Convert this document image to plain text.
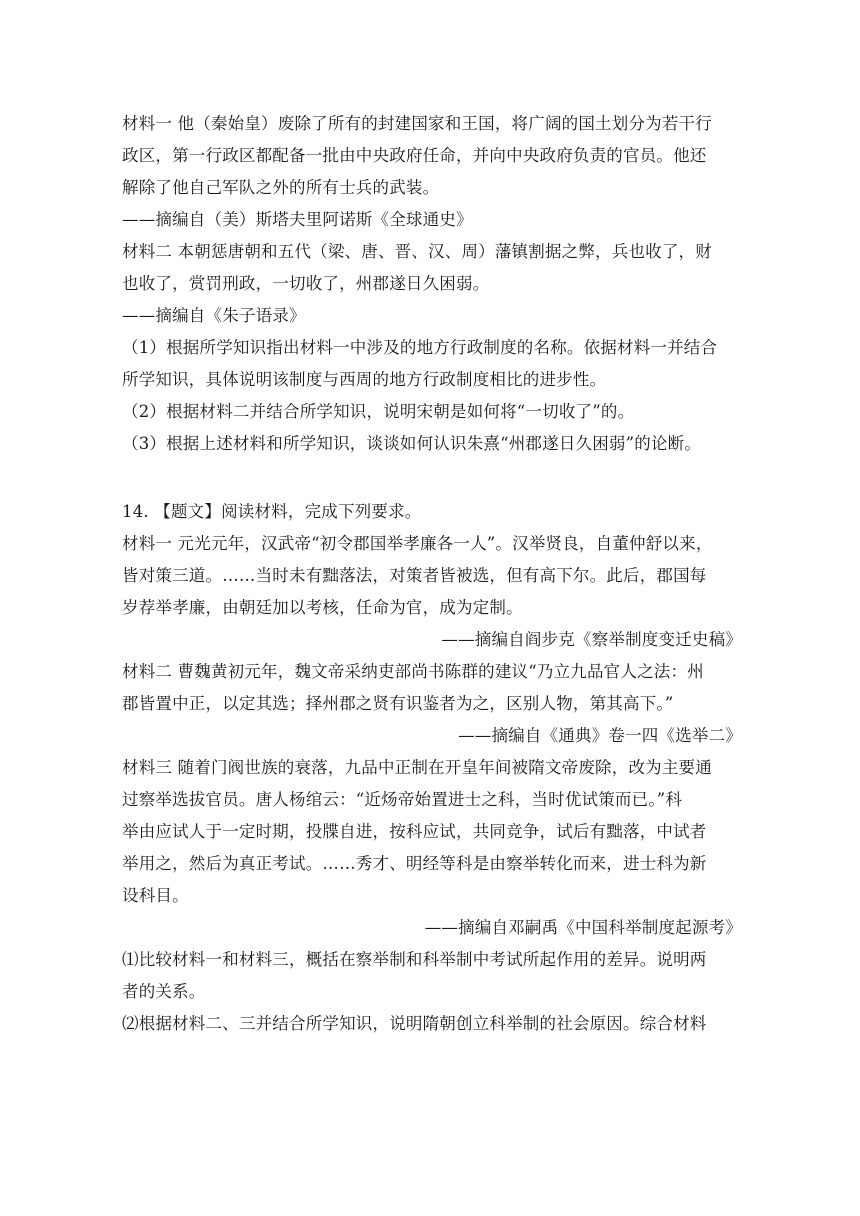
材料一 他（秦始皇）废除了所有的封建国家和王国，将广阔的国土划分为若干行
政区，第一行政区都配备一批由中央政府任命，并向中央政府负责的官员。他还
解除了他自己军队之外的所有士兵的武装。
——摘编自（美）斯塔夫里阿诺斯《全球通史》
材料二 本朝惩唐朝和五代（梁、唐、晋、汉、周）藩镇割据之弊，兵也收了，财
也收了，赏罚刑政，一切收了，州郡遂日久困弱。
——摘编自《朱子语录》
（1）根据所学知识指出材料一中涉及的地方行政制度的名称。依据材料一并结合
所学知识，具体说明该制度与西周的地方行政制度相比的进步性。
（2）根据材料二并结合所学知识，说明宋朝是如何将“一切收了”的。
（3）根据上述材料和所学知识，谈谈如何认识朱熹“州郡遂日久困弱”的论断。
14. 【题文】阅读材料，完成下列要求。
材料一 元光元年，汉武帝“初令郡国举孝廉各一人”。汉举贤良，自董仲舒以来，
皆对策三道。……当时未有黜落法，对策者皆被选，但有高下尔。此后，郡国每
岁荐举孝廉，由朝廷加以考核，任命为官，成为定制。
——摘编自阎步克《察举制度变迁史稿》
材料二 曹魏黄初元年，魏文帝采纳吏部尚书陈群的建议“乃立九品官人之法：州
郡皆置中正，以定其选；择州郡之贤有识鉴者为之，区别人物，第其高下。”
——摘编自《通典》卷一四《选举二》
材料三 随着门阀世族的衰落，九品中正制在开皇年间被隋文帝废除，改为主要通
过察举选拔官员。唐人杨绾云：“近炀帝始置进士之科，当时优试策而已。”科
举由应试人于一定时期，投牒自进，按科应试，共同竞争，试后有黜落，中试者
举用之，然后为真正考试。……秀才、明经等科是由察举转化而来，进士科为新
设科目。
——摘编自邓嗣禹《中国科举制度起源考》
⑴比较材料一和材料三，概括在察举制和科举制中考试所起作用的差异。说明两
者的关系。
⑵根据材料二、三并结合所学知识，说明隋朝创立科举制的社会原因。综合材料
